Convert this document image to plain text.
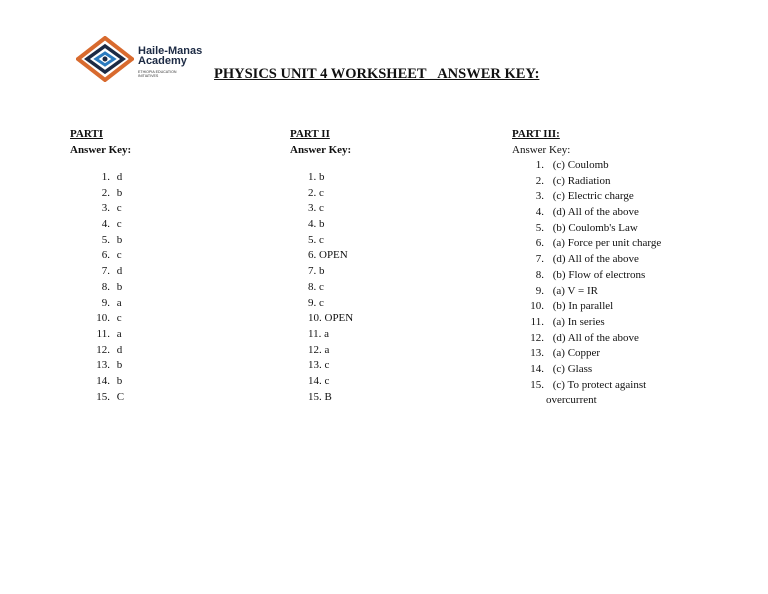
Haile-Manas
Academy
ETHIOPIA EDUCATION
INITIATIVES	PHYSICS UNIT 4 WORKSHEET _ANSWER KEY:
PARTI
Answer Key:
1. d
2. b
3. c
4. c
5. b
6. c
7. d
8. b
9. a
10. c
11. a
12. d
13. b
14. b
15. C
PART II
Answer Key:
1. b
2. c
3. c
4. b
5. c
6. OPEN
7. b
8. c
9. c
10. OPEN
11. a
12. a
13. c
14. c
15. B
PART III:
Answer Key:
1. (c) Coulomb
2. (c) Radiation
3. (c) Electric charge
4. (d) All of the above
5. (b) Coulomb's Law
6. (a) Force per unit charge
7. (d) All of the above
8. (b) Flow of electrons
9. (a) V = IR
10. (b) In parallel
11. (a) In series
12. (d) All of the above
13. (a) Copper
14. (c) Glass
15. (c) To protect against
overcurrent
